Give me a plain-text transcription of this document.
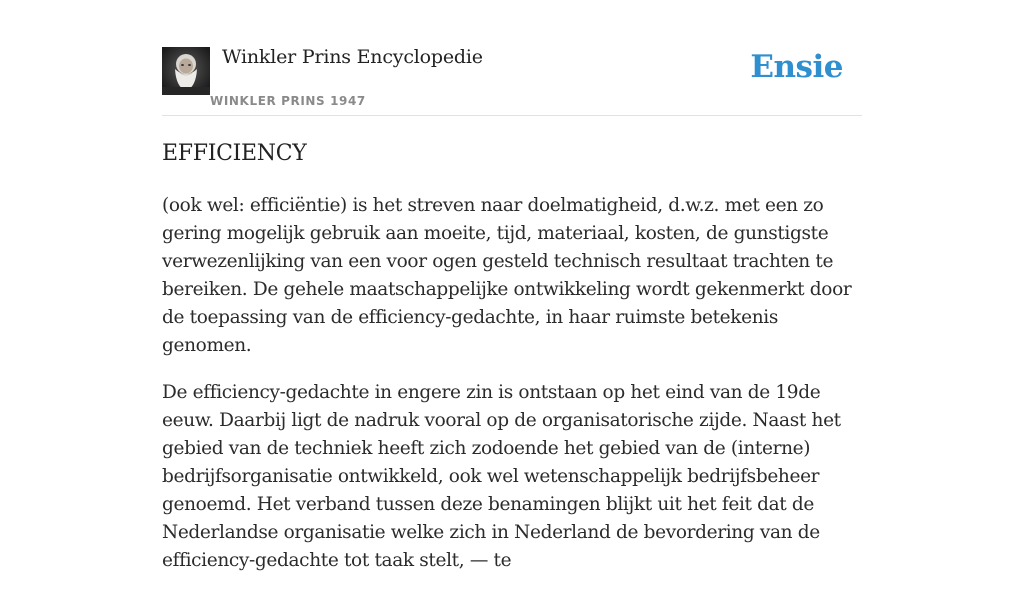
Winkler Prins Encyclopedie
WINKLER PRINS 1947
Ensie
EFFICIENCY

(ook wel: efficiëntie) is het streven naar doelmatigheid, d.w.z. met een zo gering mogelijk gebruik aan moeite, tijd, materiaal, kosten, de gunstigste verwezenlijking van een voor ogen gesteld technisch resultaat trachten te bereiken. De gehele maatschappelijke ontwikkeling wordt gekenmerkt door de toepassing van de efficiency-gedachte, in haar ruimste betekenis genomen.

De efficiency-gedachte in engere zin is ontstaan op het eind van de 19de eeuw. Daarbij ligt de nadruk vooral op de organisatorische zijde. Naast het gebied van de techniek heeft zich zodoende het gebied van de (interne) bedrijfsorganisatie ontwikkeld, ook wel wetenschappelijk bedrijfsbeheer genoemd. Het verband tussen deze benamingen blijkt uit het feit dat de Nederlandse organisatie welke zich in Nederland de bevordering van de efficiency-gedachte tot taak stelt, — te
